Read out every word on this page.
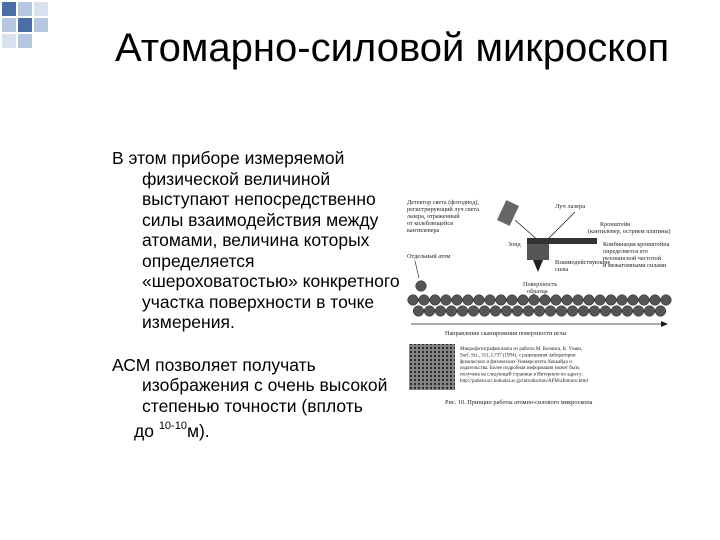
Атомарно-силовой микроскоп

В этом приборе измеряемой физической величиной выступают непосредственно силы взаимодействия между атомами, величина которых определяется «шероховатостью» конкретного участка поверхности в точке измерения.

АСМ позволяет получать изображения с очень высокой степенью точности (вплоть
до $^{10-10}$м).

Детектор света (фотодиод), регистрирующий луч света лазера, отраженный от колеблющейся кантилевера
Луч лазера
Кронштейн (кантилевер, острием платины)
Зонд	Комбинация кронштейна определяется его резонансной частотой и межатомными силами
Отдельный атом
Взаимодействующие силы
Поверхность образца
Направление сканирования поверхности иглы
Микрофотография взята из работы М. Коэнига, К. Узаки, Surf. Sci., 311, L737 (1994); с разрешения лаборатории физических и физических Университета Хоккайдо и издательства. Более подробная информация может быть получена на следующей странице в Интернете по адресу: http://pubern.sci.hokudai.ac.jp/introduction/AFM/afmintro.html
Рис. 10. Принцип работы атомно-силового микроскопа
